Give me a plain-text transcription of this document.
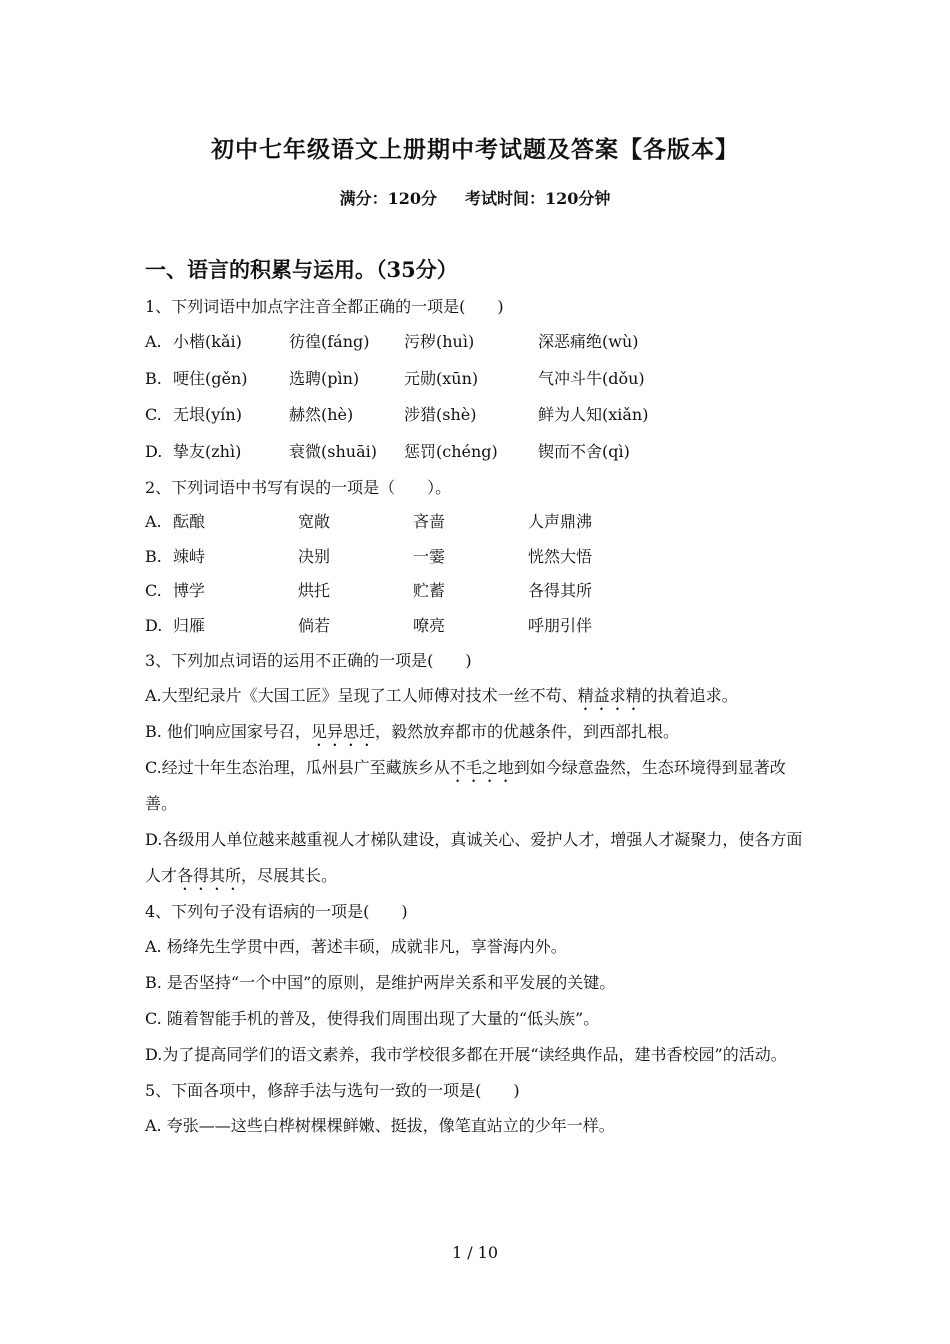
初中七年级语文上册期中考试题及答案【各版本】
满分：120分 考试时间：120分钟
一、语言的积累与运用。（35分）
1、下列词语中加点字注音全都正确的一项是(　　)
A. 小楷(kǎi)	彷徨(fáng) 污秽(huì)	深恶痛绝(wù)
B. 哽住(gěn)	选聘(pìn)	元勋(xūn)	气冲斗牛(dǒu)
C. 无垠(yín)	赫然(hè)	涉猎(shè)	鲜为人知(xiǎn)
D. 挚友(zhì)	衰微(shuāi) 惩罚(chéng)	锲而不舍(qì)
2、下列词语中书写有误的一项是（　　）。
A. 酝酿	宽敞	吝啬	人声鼎沸
B. 竦峙	决别	一霎	恍然大悟
C. 博学	烘托	贮蓄	各得其所
D. 归雁	倘若	嘹亮	呼朋引伴
3、下列加点词语的运用不正确的一项是(　　)
A.大型纪录片《大国工匠》呈现了工人师傅对技术一丝不苟、精益求精的执着追求。
B. 他们响应国家号召，见异思迁，毅然放弃都市的优越条件，到西部扎根。
C.经过十年生态治理，瓜州县广至藏族乡从不毛之地到如今绿意盎然，生态环境得到显著改善。
D.各级用人单位越来越重视人才梯队建设，真诚关心、爱护人才，增强人才凝聚力，使各方面人才各得其所，尽展其长。
4、下列句子没有语病的一项是(　　)
A. 杨绛先生学贯中西，著述丰硕，成就非凡，享誉海内外。
B. 是否坚持“一个中国”的原则，是维护两岸关系和平发展的关键。
C. 随着智能手机的普及，使得我们周围出现了大量的“低头族”。
D.为了提高同学们的语文素养，我市学校很多都在开展“读经典作品，建书香校园”的活动。
5、下面各项中，修辞手法与选句一致的一项是(　　)
A. 夸张——这些白桦树棵棵鲜嫩、挺拔，像笔直站立的少年一样。
1 / 10
